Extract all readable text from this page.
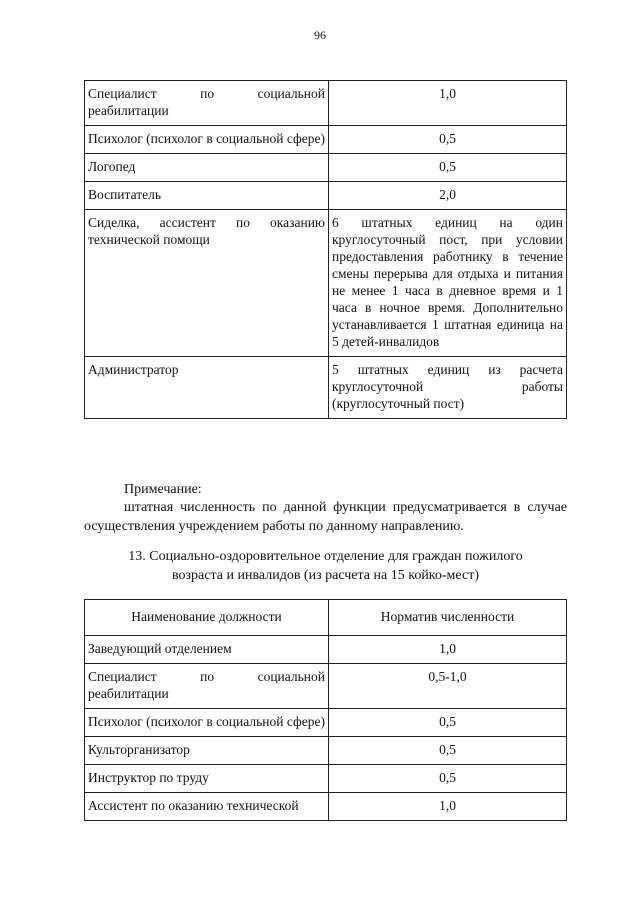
96
Специалист по социальной реабилитации	1,0
Психолог (психолог в социальной сфере)	0,5
Логопед	0,5
Воспитатель	2,0
Сиделка, ассистент по оказанию технической помощи	6 штатных единиц на один круглосуточный пост, при условии предоставления работнику в течение смены перерыва для отдыха и питания не менее 1 часа в дневное время и 1 часа в ночное время. Дополнительно устанавливается 1 штатная единица на 5 детей-инвалидов
Администратор	5 штатных единиц из расчета круглосуточной работы (круглосуточный пост)
Примечание:
штатная численность по данной функции предусматривается в случае осуществления учреждением работы по данному направлению.
13. Социально-оздоровительное отделение для граждан пожилого
возраста и инвалидов (из расчета на 15 койко-мест)
Наименование должности	Норматив численности
Заведующий отделением	1,0
Специалист по социальной реабилитации	0,5-1,0
Психолог (психолог в социальной сфере)	0,5
Культорганизатор	0,5
Инструктор по труду	0,5
Ассистент по оказанию технической	1,0
